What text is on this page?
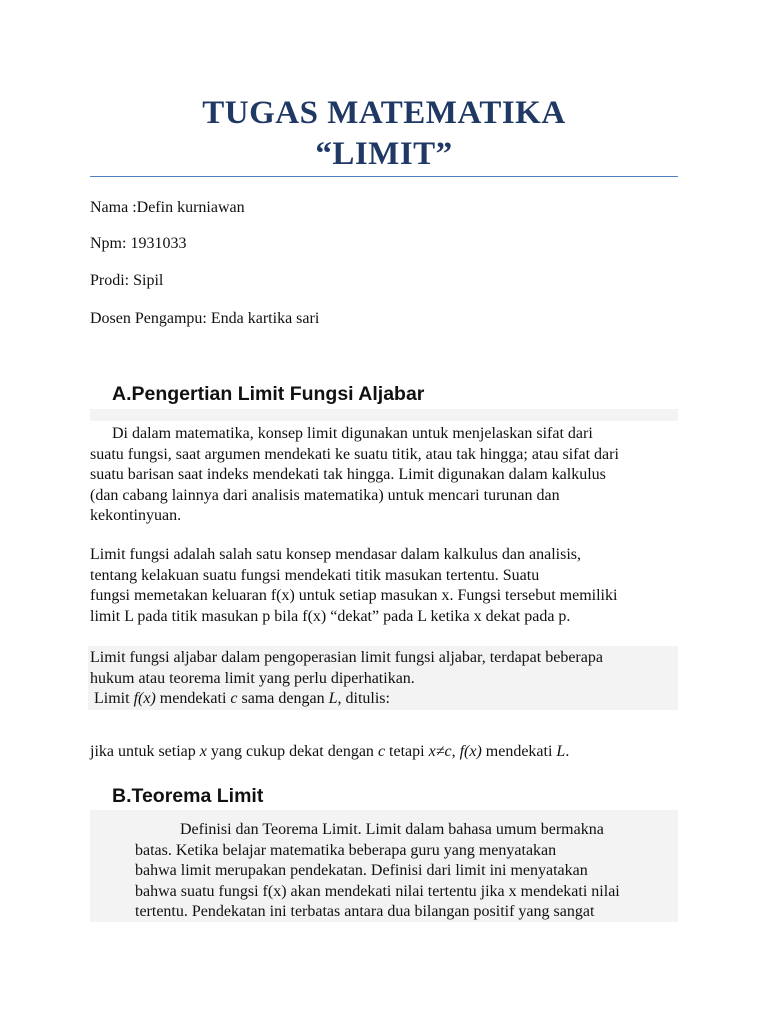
TUGAS MATEMATIKA
“LIMIT”

Nama :Defin kurniawan

Npm: 1931033

Prodi: Sipil

Dosen Pengampu: Enda kartika sari

A.Pengertian Limit Fungsi Aljabar
Di dalam matematika, konsep limit digunakan untuk menjelaskan sifat dari
suatu fungsi, saat argumen mendekati ke suatu titik, atau tak hingga; atau sifat dari
suatu barisan saat indeks mendekati tak hingga. Limit digunakan dalam kalkulus
(dan cabang lainnya dari analisis matematika) untuk mencari turunan dan
kekontinyuan.
Limit fungsi adalah salah satu konsep mendasar dalam kalkulus dan analisis,
tentang kelakuan suatu fungsi mendekati titik masukan tertentu. Suatu
fungsi memetakan keluaran f(x) untuk setiap masukan x. Fungsi tersebut memiliki
limit L pada titik masukan p bila f(x) “dekat” pada L ketika x dekat pada p.
Limit fungsi aljabar dalam pengoperasian limit fungsi aljabar, terdapat beberapa
hukum atau teorema limit yang perlu diperhatikan.
Limit f(x) mendekati c sama dengan L, ditulis:
jika untuk setiap x yang cukup dekat dengan c tetapi x≠c, f(x) mendekati L.
B.Teorema Limit
Definisi dan Teorema Limit. Limit dalam bahasa umum bermakna
batas. Ketika belajar matematika beberapa guru yang menyatakan
bahwa limit merupakan pendekatan. Definisi dari limit ini menyatakan
bahwa suatu fungsi f(x) akan mendekati nilai tertentu jika x mendekati nilai
tertentu. Pendekatan ini terbatas antara dua bilangan positif yang sangat
